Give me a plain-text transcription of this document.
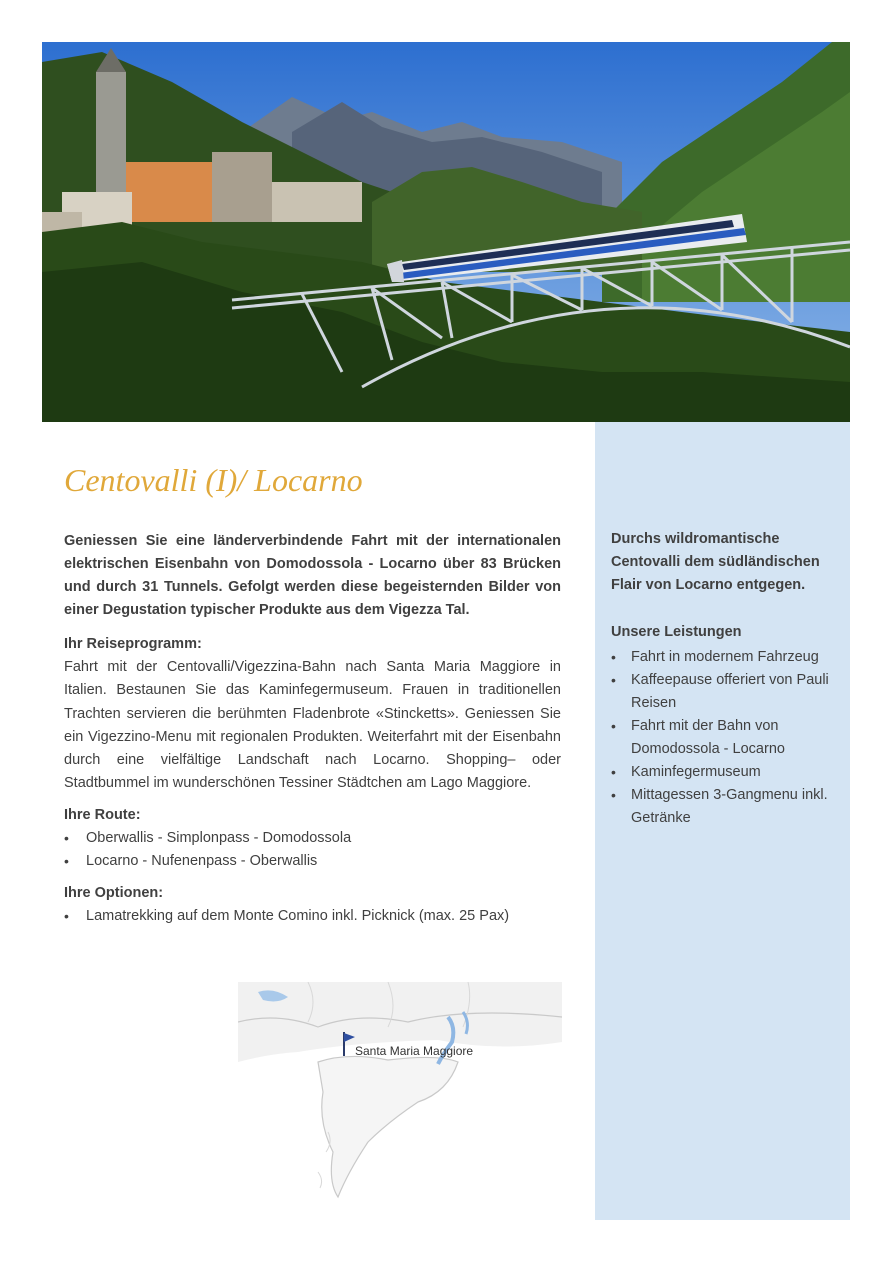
Centovalli (I)/ Locarno
Geniessen Sie eine länderverbindende Fahrt mit der internationalen elektrischen Eisenbahn von Domodossola - Locarno über 83 Brücken und durch 31 Tunnels. Gefolgt werden diese begeisternden Bilder von einer Degustation typischer Produkte aus dem Vigezza Tal.
Ihr Reiseprogramm:
Fahrt mit der Centovalli/Vigezzina-Bahn nach Santa Maria Maggiore in Italien. Bestaunen Sie das Kaminfegermuseum. Frauen in traditionellen Trachten servieren die berühmten Fladenbrote «Stincketts». Geniessen Sie ein Vigezzino-Menu mit regionalen Produkten. Weiterfahrt mit der Eisenbahn durch eine vielfältige Landschaft nach Locarno. Shopping– oder Stadtbummel im wunderschönen Tessiner Städtchen am Lago Maggiore.
Ihre Route:
• Oberwallis - Simplonpass - Domodossola
• Locarno - Nufenenpass - Oberwallis
Ihre Optionen:
• Lamatrekking auf dem Monte Comino inkl. Picknick (max. 25 Pax)
Santa Maria Maggiore
Durchs wildromantische Centovalli dem südländischen Flair von Locarno entgegen.
Unsere Leistungen
• Fahrt in modernem Fahrzeug
• Kaffeepause offeriert von Pauli Reisen
• Fahrt mit der Bahn von Domodossola - Locarno
• Kaminfegermuseum
• Mittagessen 3-Gangmenu inkl. Getränke
